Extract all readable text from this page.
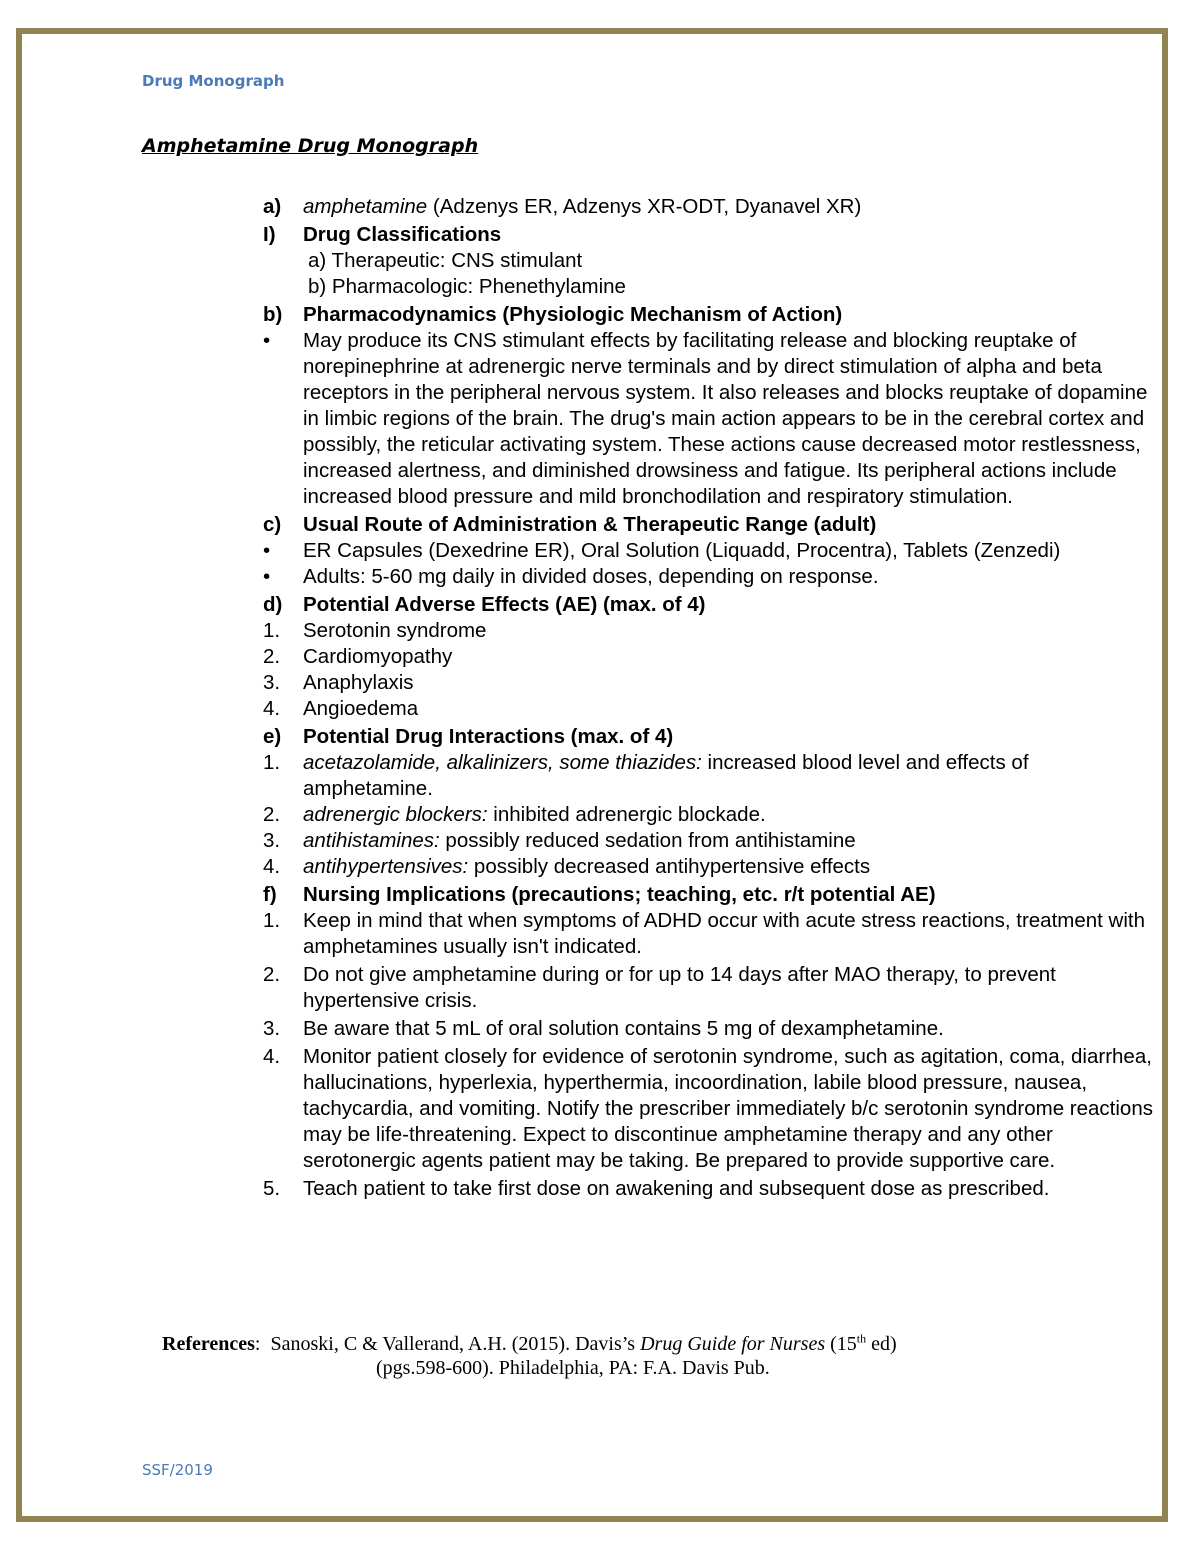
Drug Monograph
Amphetamine Drug Monograph
a)	amphetamine (Adzenys ER, Adzenys XR-ODT, Dyanavel XR)
I)	Drug Classifications
a) Therapeutic: CNS stimulant
b) Pharmacologic: Phenethylamine
b)	Pharmacodynamics (Physiologic Mechanism of Action)
•	May produce its CNS stimulant effects by facilitating release and blocking reuptake of norepinephrine at adrenergic nerve terminals and by direct stimulation of alpha and beta receptors in the peripheral nervous system. It also releases and blocks reuptake of dopamine in limbic regions of the brain. The drug's main action appears to be in the cerebral cortex and possibly, the reticular activating system. These actions cause decreased motor restlessness, increased alertness, and diminished drowsiness and fatigue. Its peripheral actions include increased blood pressure and mild bronchodilation and respiratory stimulation.
c)	Usual Route of Administration & Therapeutic Range (adult)
•	ER Capsules (Dexedrine ER), Oral Solution (Liquadd, Procentra), Tablets (Zenzedi)
•	Adults: 5-60 mg daily in divided doses, depending on response.
d)	Potential Adverse Effects (AE) (max. of 4)
1.	Serotonin syndrome
2.	Cardiomyopathy
3.	Anaphylaxis
4.	Angioedema
e)	Potential Drug Interactions (max. of 4)
1.	acetazolamide, alkalinizers, some thiazides: increased blood level and effects of amphetamine.
2.	adrenergic blockers: inhibited adrenergic blockade.
3.	antihistamines: possibly reduced sedation from antihistamine
4.	antihypertensives: possibly decreased antihypertensive effects
f)	Nursing Implications (precautions; teaching, etc. r/t potential AE)
1.	Keep in mind that when symptoms of ADHD occur with acute stress reactions, treatment with amphetamines usually isn't indicated.
2.	Do not give amphetamine during or for up to 14 days after MAO therapy, to prevent hypertensive crisis.
3.	Be aware that 5 mL of oral solution contains 5 mg of dexamphetamine.
4.	Monitor patient closely for evidence of serotonin syndrome, such as agitation, coma, diarrhea, hallucinations, hyperlexia, hyperthermia, incoordination, labile blood pressure, nausea, tachycardia, and vomiting. Notify the prescriber immediately b/c serotonin syndrome reactions may be life-threatening. Expect to discontinue amphetamine therapy and any other serotonergic agents patient may be taking. Be prepared to provide supportive care.
5.	Teach patient to take first dose on awakening and subsequent dose as prescribed.
References: Sanoski, C & Vallerand, A.H. (2015). Davis’s Drug Guide for Nurses (15th ed)
(pgs.598-600). Philadelphia, PA: F.A. Davis Pub.
SSF/2019
